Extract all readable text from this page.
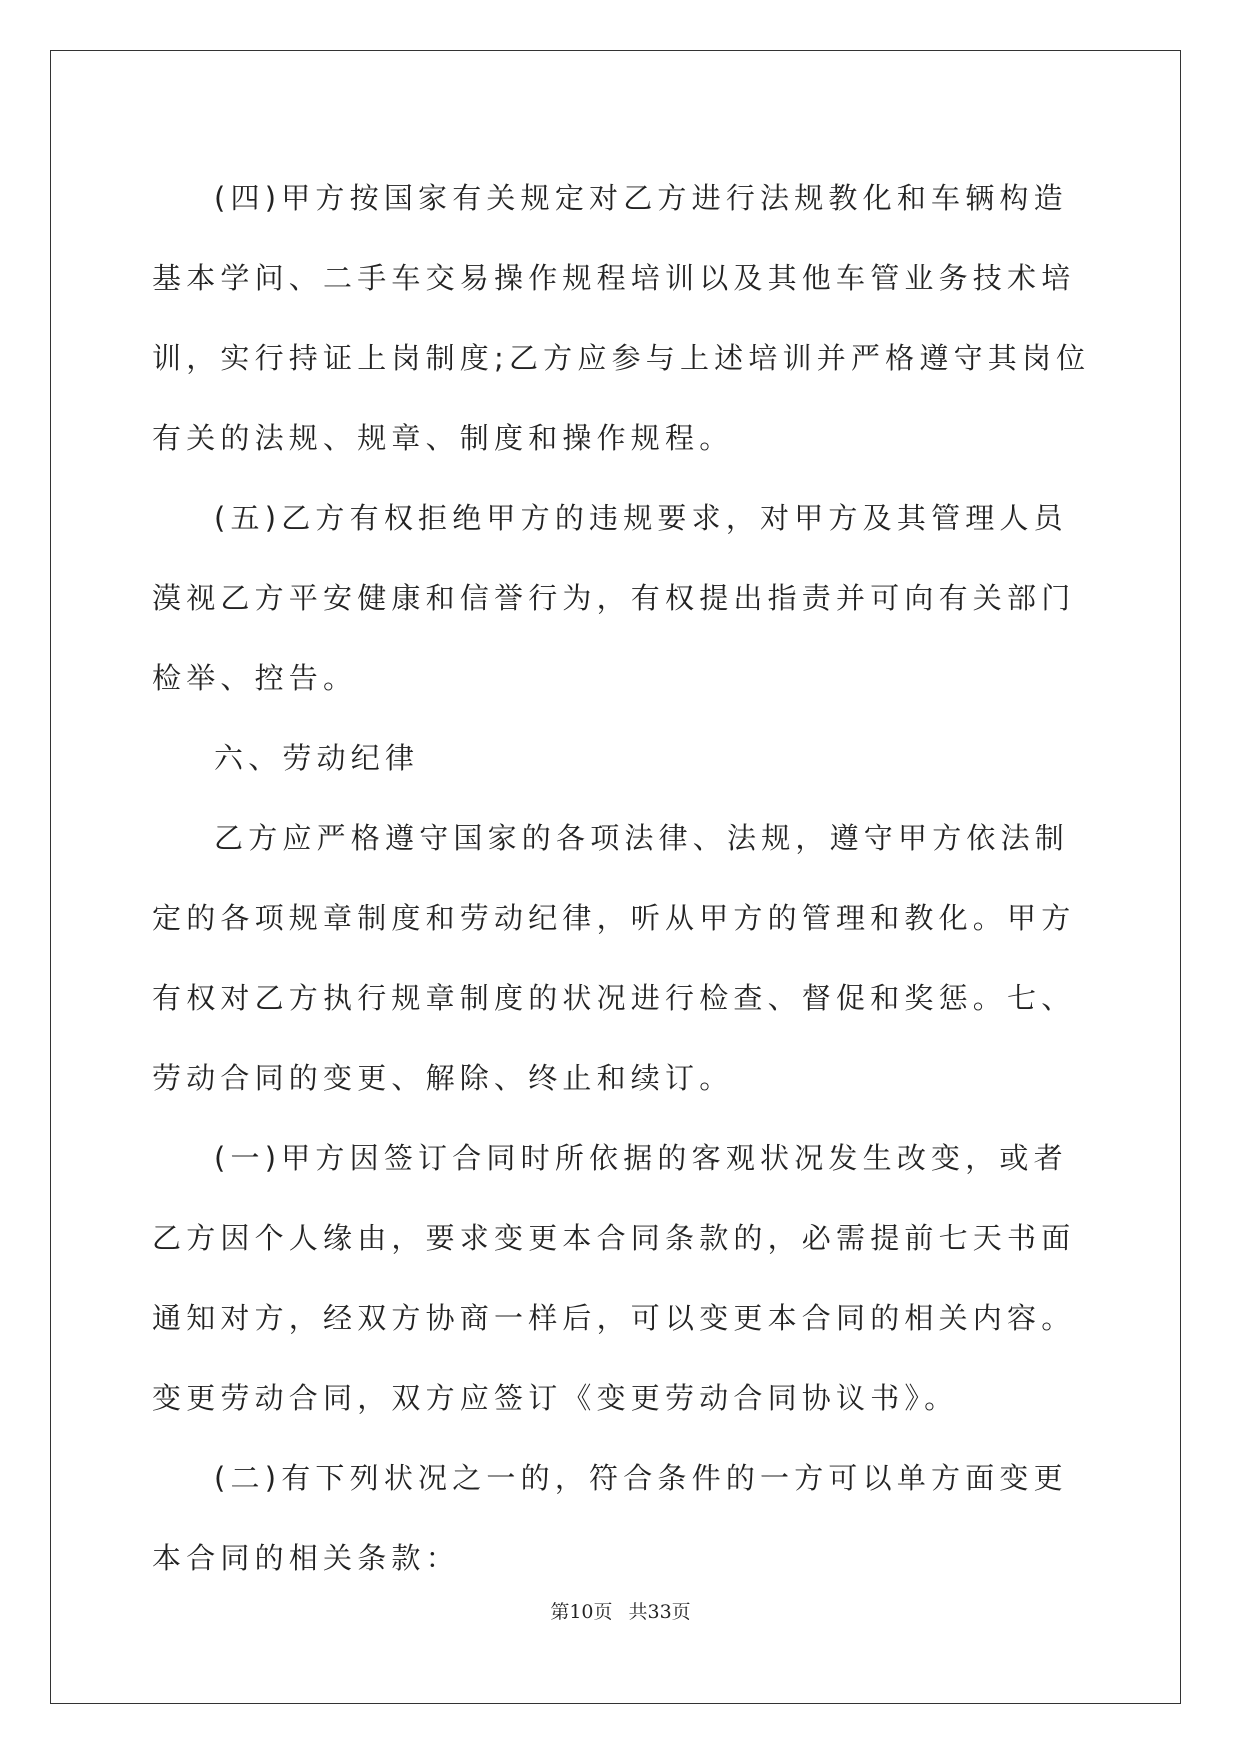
(四)甲方按国家有关规定对乙方进行法规教化和车辆构造基本学问、二手车交易操作规程培训以及其他车管业务技术培训，实行持证上岗制度;乙方应参与上述培训并严格遵守其岗位有关的法规、规章、制度和操作规程。

(五)乙方有权拒绝甲方的违规要求，对甲方及其管理人员漠视乙方平安健康和信誉行为，有权提出指责并可向有关部门检举、控告。

六、劳动纪律

乙方应严格遵守国家的各项法律、法规，遵守甲方依法制定的各项规章制度和劳动纪律，听从甲方的管理和教化。甲方有权对乙方执行规章制度的状况进行检查、督促和奖惩。七、劳动合同的变更、解除、终止和续订。

(一)甲方因签订合同时所依据的客观状况发生改变，或者乙方因个人缘由，要求变更本合同条款的，必需提前七天书面通知对方，经双方协商一样后，可以变更本合同的相关内容。变更劳动合同，双方应签订《变更劳动合同协议书》。

(二)有下列状况之一的，符合条件的一方可以单方面变更本合同的相关条款：

第10页 共33页
